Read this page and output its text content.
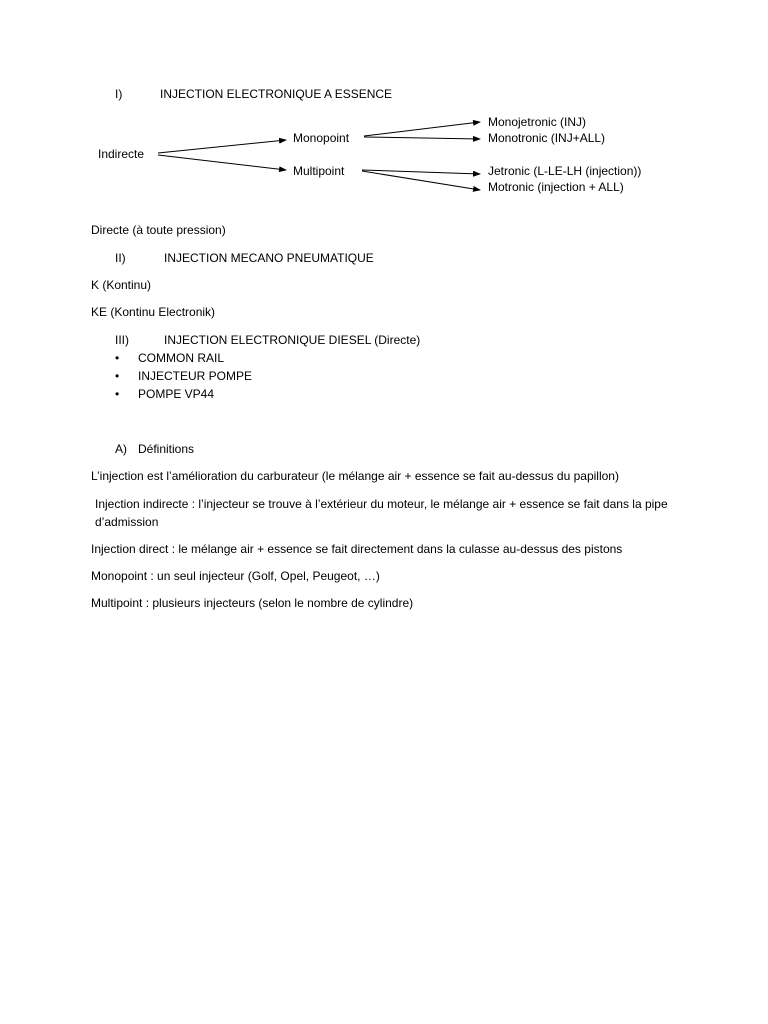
I)	INJECTION ELECTRONIQUE A ESSENCE
Indirecte
Monopoint
Multipoint
Monojetronic (INJ)
Monotronic (INJ+ALL)
Jetronic (L-LE-LH (injection))
Motronic (injection + ALL)
Directe (à toute pression)
II)	INJECTION MECANO PNEUMATIQUE
K (Kontinu)
KE (Kontinu Electronik)
III)	INJECTION ELECTRONIQUE DIESEL (Directe)
• COMMON RAIL
• INJECTEUR POMPE
• POMPE VP44
A) Définitions
L’injection est l’amélioration du carburateur (le mélange air + essence se fait au-dessus du papillon)
Injection indirecte : l’injecteur se trouve à l’extérieur du moteur, le mélange air + essence se fait dans la pipe d’admission
Injection direct : le mélange air + essence se fait directement dans la culasse au-dessus des pistons
Monopoint : un seul injecteur (Golf, Opel, Peugeot, …)
Multipoint : plusieurs injecteurs (selon le nombre de cylindre)
